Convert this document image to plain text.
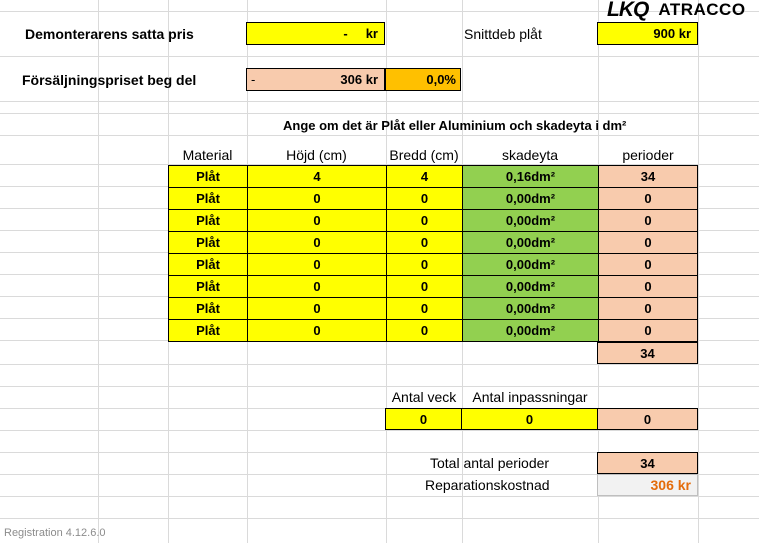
LKQ ATRACCO
Demonterarens satta pris	- kr	Snittdeb plåt	900 kr
Försäljningspriset beg del	-	306 kr	0,0%
Ange om det är Plåt eller Aluminium och skadeyta i dm²
Material	Höjd (cm)	Bredd (cm)	skadeyta	perioder
Plåt	4	4	0,16dm²	34
Plåt	0	0	0,00dm²	0
Plåt	0	0	0,00dm²	0
Plåt	0	0	0,00dm²	0
Plåt	0	0	0,00dm²	0
Plåt	0	0	0,00dm²	0
Plåt	0	0	0,00dm²	0
Plåt	0	0	0,00dm²	0
34
Antal veck	Antal inpassningar
0	0	0
Total antal perioder	34
Reparationskostnad	306 kr
Registration 4.12.6.0
